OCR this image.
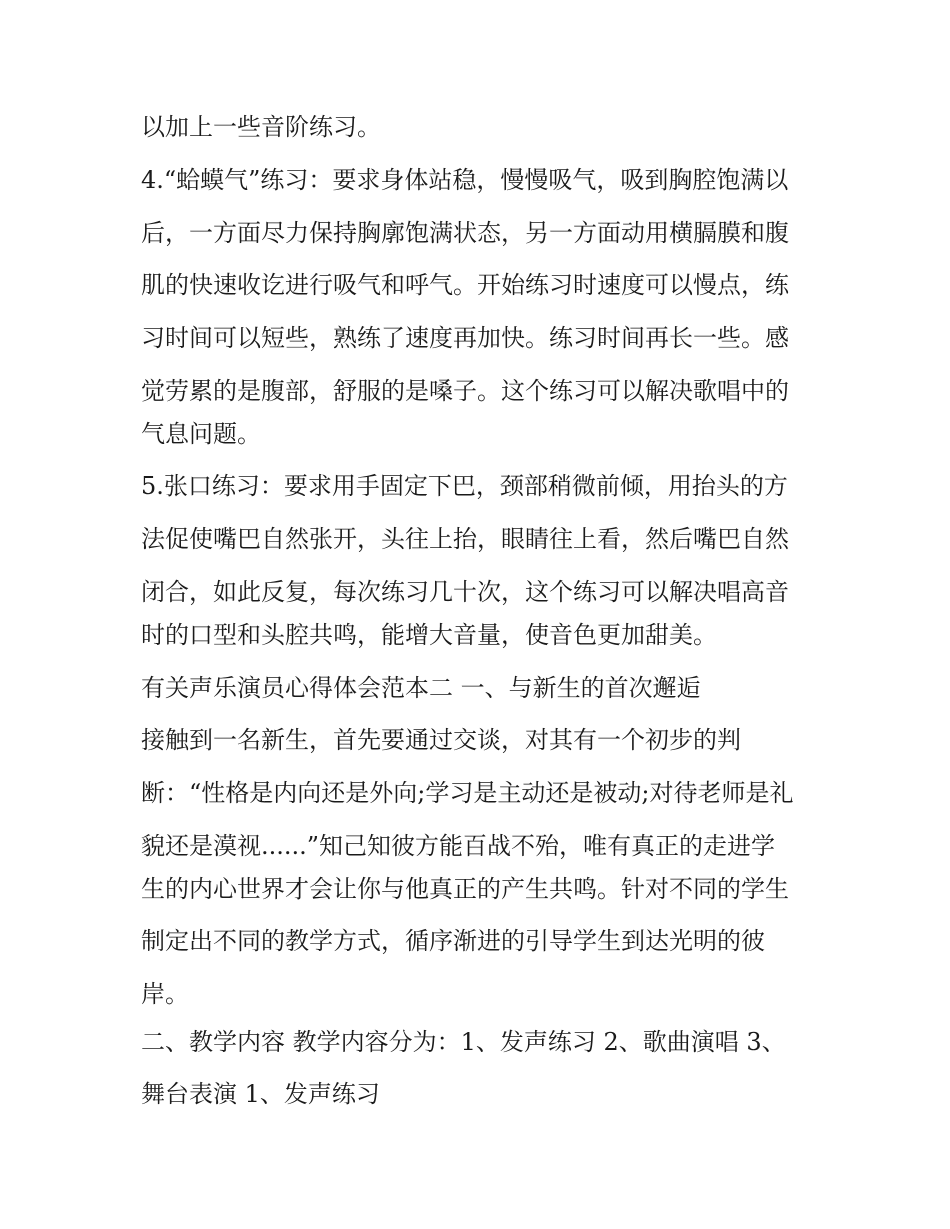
以加上一些音阶练习。

4.“蛤蟆气”练习：要求身体站稳，慢慢吸气，吸到胸腔饱满以

后，一方面尽力保持胸廓饱满状态，另一方面动用横膈膜和腹

肌的快速收讫进行吸气和呼气。开始练习时速度可以慢点，练

习时间可以短些，熟练了速度再加快。练习时间再长一些。感

觉劳累的是腹部，舒服的是嗓子。这个练习可以解决歌唱中的

气息问题。

5.张口练习：要求用手固定下巴，颈部稍微前倾，用抬头的方

法促使嘴巴自然张开，头往上抬，眼睛往上看，然后嘴巴自然

闭合，如此反复，每次练习几十次，这个练习可以解决唱高音

时的口型和头腔共鸣，能增大音量，使音色更加甜美。

有关声乐演员心得体会范本二 一、与新生的首次邂逅

接触到一名新生，首先要通过交谈，对其有一个初步的判

断：“性格是内向还是外向;学习是主动还是被动;对待老师是礼

貌还是漠视......”知己知彼方能百战不殆，唯有真正的走进学

生的内心世界才会让你与他真正的产生共鸣。针对不同的学生

制定出不同的教学方式，循序渐进的引导学生到达光明的彼

岸。

二、教学内容 教学内容分为：1、发声练习 2、歌曲演唱 3、

舞台表演 1、发声练习
